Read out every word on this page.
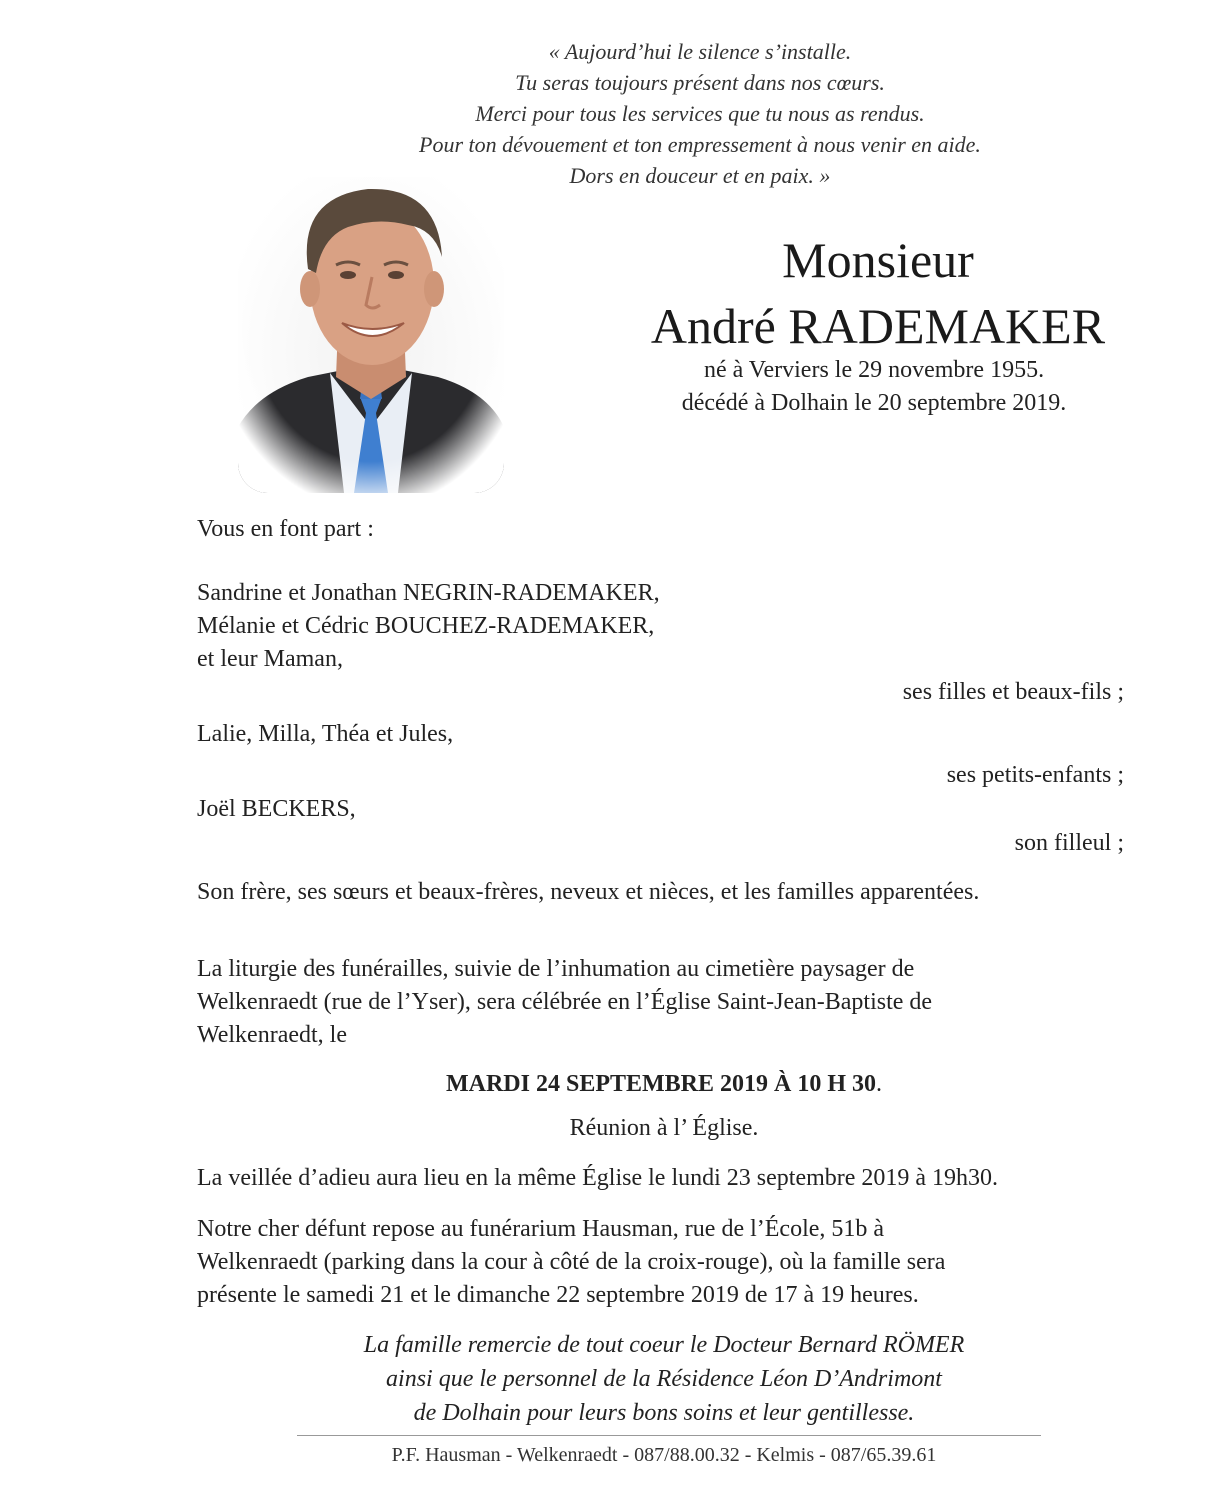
« Aujourd’hui le silence s’installe.
Tu seras toujours présent dans nos cœurs.
Merci pour tous les services que tu nous as rendus.
Pour ton dévouement et ton empressement à nous venir en aide.
Dors en douceur et en paix. »
Monsieur
André RADEMAKER
né à Verviers le 29 novembre 1955.
décédé à Dolhain le 20 septembre 2019.
Vous en font part :
Sandrine et Jonathan NEGRIN-RADEMAKER,
Mélanie et Cédric BOUCHEZ-RADEMAKER,
et leur Maman,
ses filles et beaux-fils ;
Lalie, Milla, Théa et Jules,
ses petits-enfants ;
Joël BECKERS,
son filleul ;
Son frère, ses sœurs et beaux-frères, neveux et nièces, et les familles apparentées.
La liturgie des funérailles, suivie de l’inhumation au cimetière paysager de
Welkenraedt (rue de l’Yser), sera célébrée en l’Église Saint-Jean-Baptiste de
Welkenraedt, le
MARDI 24 SEPTEMBRE 2019 À 10 H 30.
Réunion à l’ Église.
La veillée d’adieu aura lieu en la même Église le lundi 23 septembre 2019 à 19h30.
Notre cher défunt repose au funérarium Hausman, rue de l’École, 51b à
Welkenraedt (parking dans la cour à côté de la croix-rouge), où la famille sera
présente le samedi 21 et le dimanche 22 septembre 2019 de 17 à 19 heures.
La famille remercie de tout coeur le Docteur Bernard RÖMER
ainsi que le personnel de la Résidence Léon D’Andrimont
de Dolhain pour leurs bons soins et leur gentillesse.
P.F. Hausman - Welkenraedt - 087/88.00.32 - Kelmis - 087/65.39.61
